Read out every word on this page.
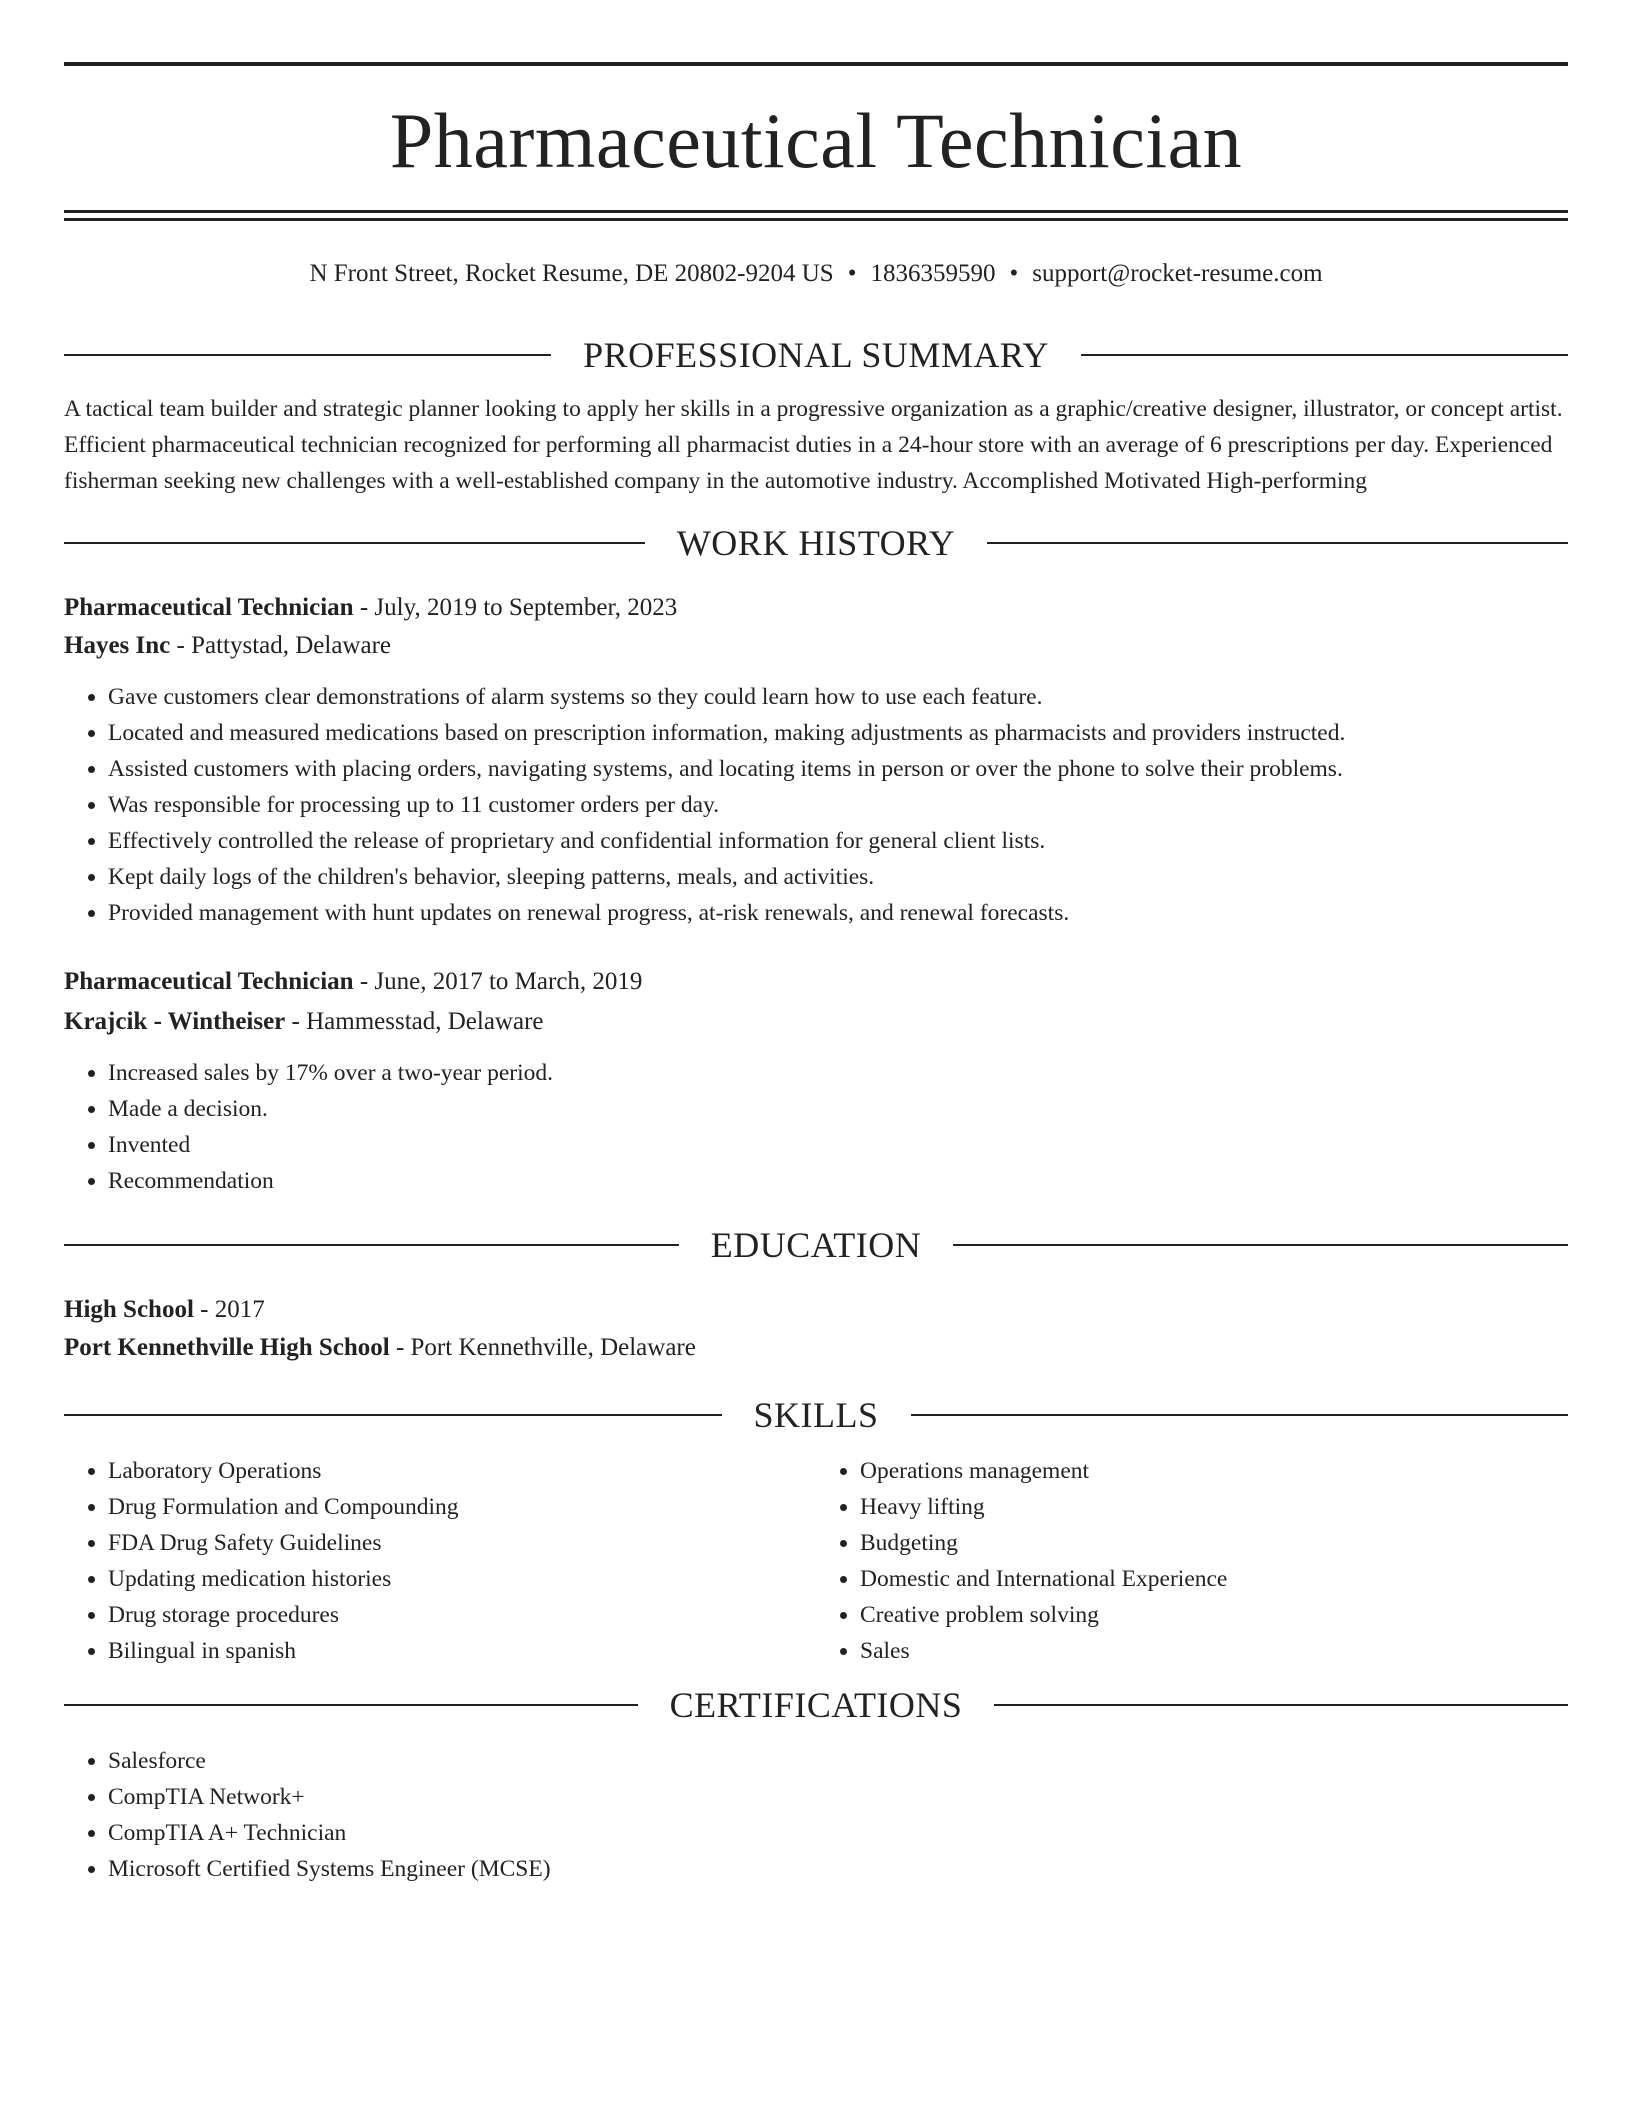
Pharmaceutical Technician
N Front Street, Rocket Resume, DE 20802-9204 US • 1836359590 • support@rocket-resume.com
PROFESSIONAL SUMMARY

A tactical team builder and strategic planner looking to apply her skills in a progressive organization as a graphic/creative designer, illustrator, or concept artist. Efficient pharmaceutical technician recognized for performing all pharmacist duties in a 24-hour store with an average of 6 prescriptions per day. Experienced fisherman seeking new challenges with a well-established company in the automotive industry. Accomplished Motivated High-performing

WORK HISTORY
Pharmaceutical Technician - July, 2019 to September, 2023
Hayes Inc - Pattystad, Delaware
• Gave customers clear demonstrations of alarm systems so they could learn how to use each feature.
• Located and measured medications based on prescription information, making adjustments as pharmacists and providers instructed.
• Assisted customers with placing orders, navigating systems, and locating items in person or over the phone to solve their problems.
• Was responsible for processing up to 11 customer orders per day.
• Effectively controlled the release of proprietary and confidential information for general client lists.
• Kept daily logs of the children's behavior, sleeping patterns, meals, and activities.
• Provided management with hunt updates on renewal progress, at-risk renewals, and renewal forecasts.
Pharmaceutical Technician - June, 2017 to March, 2019
Krajcik - Wintheiser - Hammesstad, Delaware
• Increased sales by 17% over a two-year period.
• Made a decision.
• Invented
• Recommendation
EDUCATION
High School - 2017
Port Kennethville High School - Port Kennethville, Delaware
SKILLS
• Laboratory Operations
• Drug Formulation and Compounding
• FDA Drug Safety Guidelines
• Updating medication histories
• Drug storage procedures
• Bilingual in spanish
• Operations management
• Heavy lifting
• Budgeting
• Domestic and International Experience
• Creative problem solving
• Sales
CERTIFICATIONS
• Salesforce
• CompTIA Network+
• CompTIA A+ Technician
• Microsoft Certified Systems Engineer (MCSE)
